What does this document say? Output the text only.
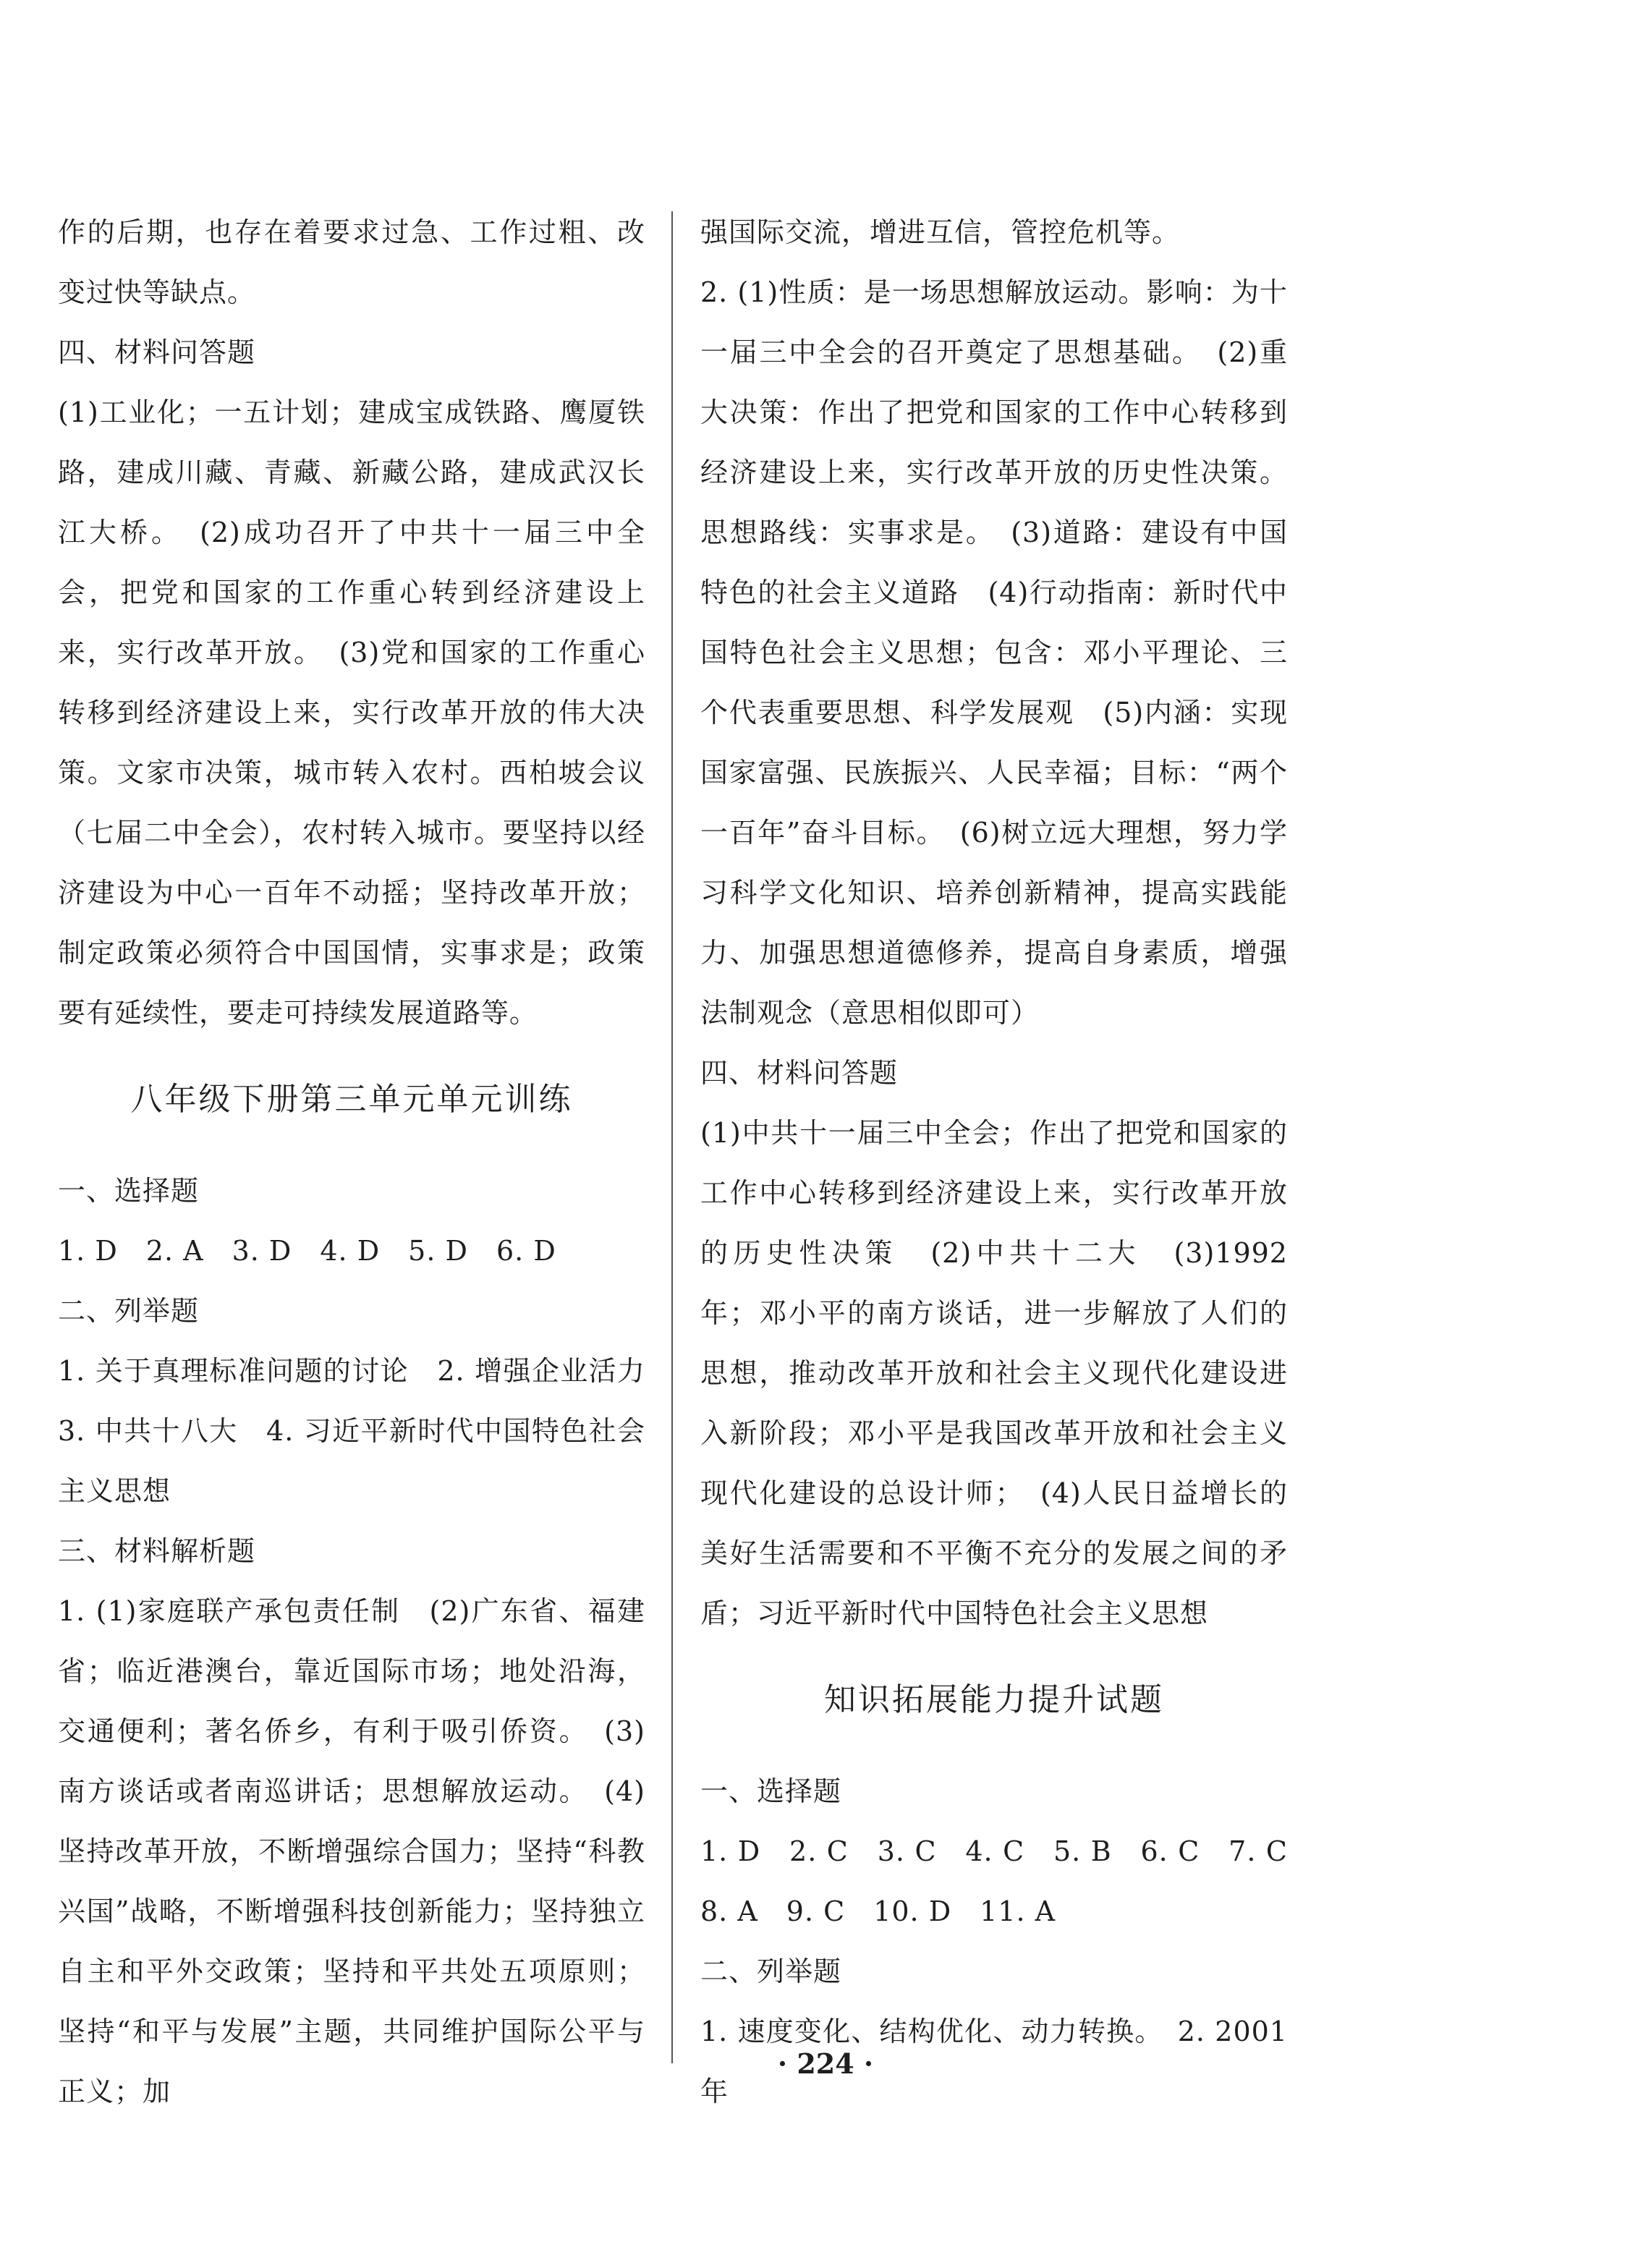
作的后期，也存在着要求过急、工作过粗、改变过快等缺点。

四、材料问答题

(1)工业化；一五计划；建成宝成铁路、鹰厦铁路，建成川藏、青藏、新藏公路，建成武汉长江大桥。　(2)成功召开了中共十一届三中全会，把党和国家的工作重心转到经济建设上来，实行改革开放。　(3)党和国家的工作重心转移到经济建设上来，实行改革开放的伟大决策。文家市决策，城市转入农村。西柏坡会议（七届二中全会），农村转入城市。要坚持以经济建设为中心一百年不动摇；坚持改革开放；制定政策必须符合中国国情，实事求是；政策要有延续性，要走可持续发展道路等。

八年级下册第三单元单元训练

一、选择题

1. D　2. A　3. D　4. D　5. D　6. D

二、列举题

1. 关于真理标准问题的讨论　2. 增强企业活力　3. 中共十八大　4. 习近平新时代中国特色社会主义思想

三、材料解析题

1. (1)家庭联产承包责任制　(2)广东省、福建省；临近港澳台，靠近国际市场；地处沿海，交通便利；著名侨乡，有利于吸引侨资。　(3)南方谈话或者南巡讲话；思想解放运动。　(4)坚持改革开放，不断增强综合国力；坚持“科教兴国”战略，不断增强科技创新能力；坚持独立自主和平外交政策；坚持和平共处五项原则；坚持“和平与发展”主题，共同维护国际公平与正义；加

强国际交流，增进互信，管控危机等。

2. (1)性质：是一场思想解放运动。影响：为十一届三中全会的召开奠定了思想基础。　(2)重大决策：作出了把党和国家的工作中心转移到经济建设上来，实行改革开放的历史性决策。思想路线：实事求是。　(3)道路：建设有中国特色的社会主义道路　(4)行动指南：新时代中国特色社会主义思想；包含：邓小平理论、三个代表重要思想、科学发展观　(5)内涵：实现国家富强、民族振兴、人民幸福；目标：“两个一百年”奋斗目标。　(6)树立远大理想，努力学习科学文化知识、培养创新精神，提高实践能力、加强思想道德修养，提高自身素质，增强法制观念（意思相似即可）

四、材料问答题

(1)中共十一届三中全会；作出了把党和国家的工作中心转移到经济建设上来，实行改革开放的历史性决策　(2)中共十二大　(3)1992 年；邓小平的南方谈话，进一步解放了人们的思想，推动改革开放和社会主义现代化建设进入新阶段；邓小平是我国改革开放和社会主义现代化建设的总设计师；　(4)人民日益增长的美好生活需要和不平衡不充分的发展之间的矛盾；习近平新时代中国特色社会主义思想

知识拓展能力提升试题

一、选择题

1. D　2. C　3. C　4. C　5. B　6. C　7. C　8. A　9. C　10. D　11. A

二、列举题

1. 速度变化、结构优化、动力转换。　2. 2001 年

· 224 ·
